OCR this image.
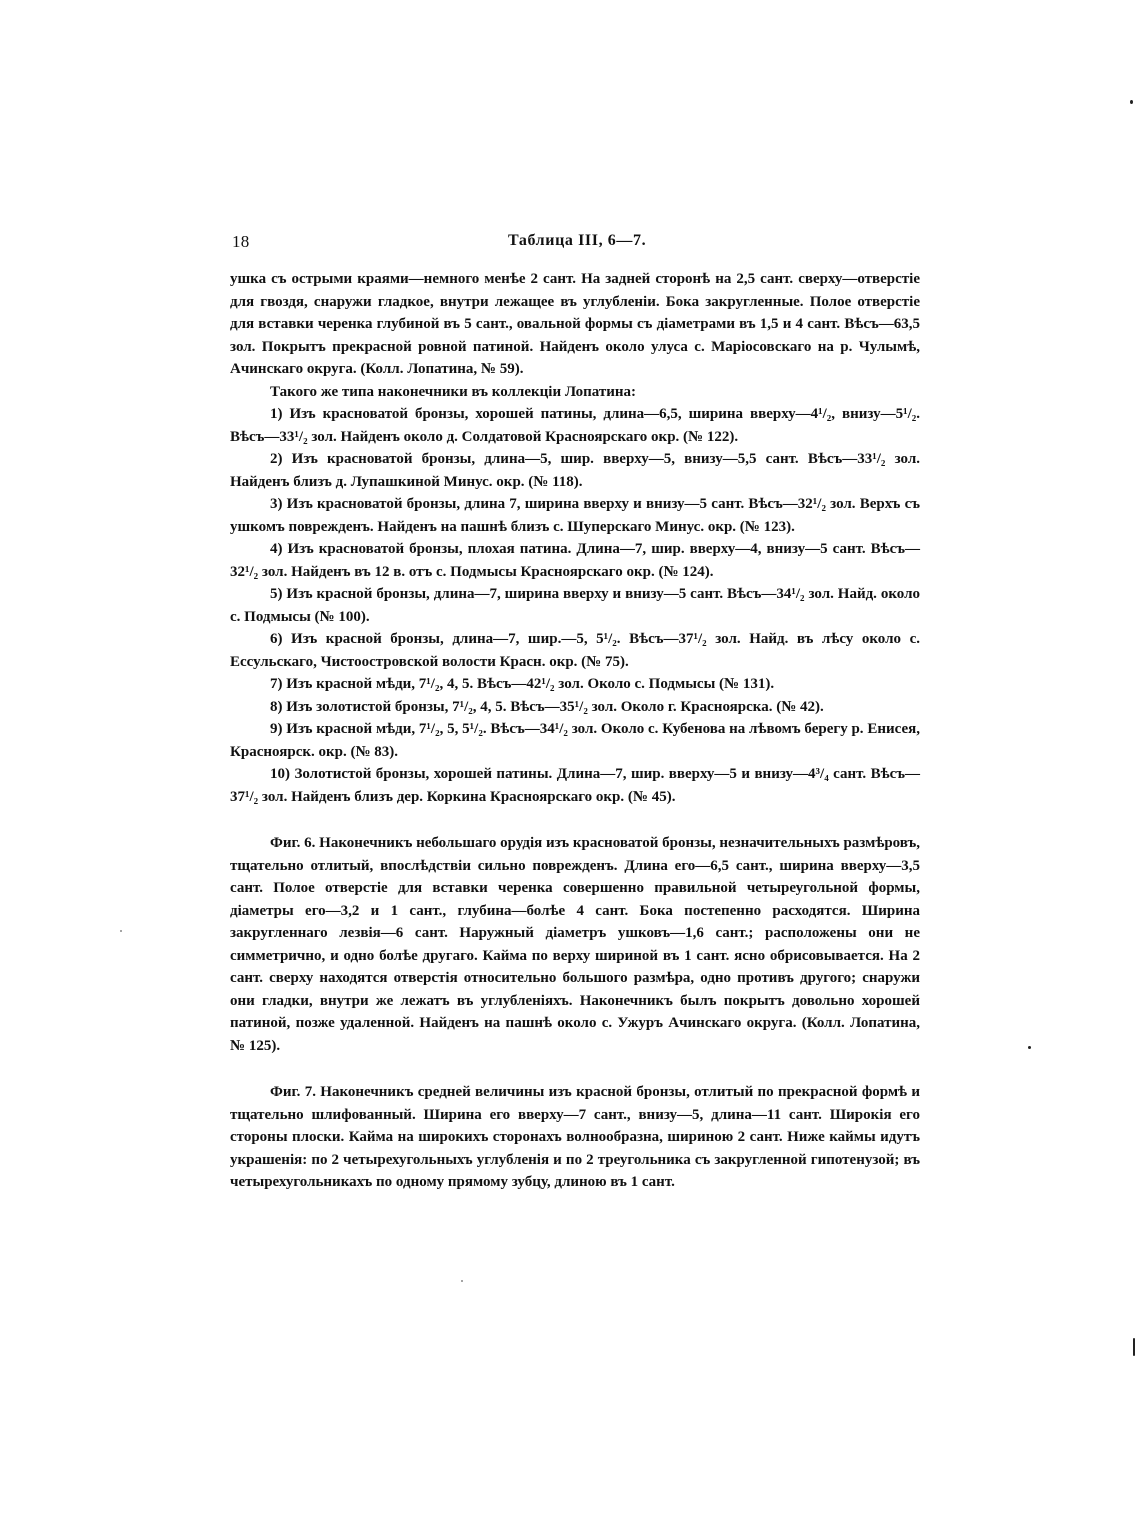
18	Таблица III, 6—7.

ушка съ острыми краями—немного менѣе 2 сант. На задней сторонѣ на 2,5 сант. сверху—отверстіе для гвоздя, снаружи гладкое, внутри лежащее въ углубленіи. Бока закругленные. Полое отверстіе для вставки черенка глубиной въ 5 сант., овальной формы съ діаметрами въ 1,5 и 4 сант. Вѣсъ—63,5 зол. Покрытъ прекрасной ровной патиной. Найденъ около улуса с. Маріосовскаго на р. Чулымѣ, Ачинскаго округа. (Колл. Лопатина, № 59).

Такого же типа наконечники въ коллекціи Лопатина:

1) Изъ красноватой бронзы, хорошей патины, длина—6,5, ширина вверху—4¹/₂, внизу—5¹/₂. Вѣсъ—33¹/₂ зол. Найденъ около д. Солдатовой Красноярскаго окр. (№ 122).

2) Изъ красноватой бронзы, длина—5, шир. вверху—5, внизу—5,5 сант. Вѣсъ—33¹/₂ зол. Найденъ близъ д. Лупашкиной Минус. окр. (№ 118).

3) Изъ красноватой бронзы, длина 7, ширина вверху и внизу—5 сант. Вѣсъ—32¹/₂ зол. Верхъ съ ушкомъ поврежденъ. Найденъ на пашнѣ близъ с. Шуперскаго Минус. окр. (№ 123).

4) Изъ красноватой бронзы, плохая патина. Длина—7, шир. вверху—4, внизу—5 сант. Вѣсъ—32¹/₂ зол. Найденъ въ 12 в. отъ с. Подмысы Красноярскаго окр. (№ 124).

5) Изъ красной бронзы, длина—7, ширина вверху и внизу—5 сант. Вѣсъ—34¹/₂ зол. Найд. около с. Подмысы (№ 100).

6) Изъ красной бронзы, длина—7, шир.—5, 5¹/₂. Вѣсъ—37¹/₂ зол. Найд. въ лѣсу около с. Ессульскаго, Чистоостровской волости Красн. окр. (№ 75).

7) Изъ красной мѣди, 7¹/₂, 4, 5. Вѣсъ—42¹/₂ зол. Около с. Подмысы (№ 131).

8) Изъ золотистой бронзы, 7¹/₂, 4, 5. Вѣсъ—35¹/₂ зол. Около г. Красноярска. (№ 42).

9) Изъ красной мѣди, 7¹/₂, 5, 5¹/₂. Вѣсъ—34¹/₂ зол. Около с. Кубенова на лѣвомъ берегу р. Енисея, Красноярск. окр. (№ 83).

10) Золотистой бронзы, хорошей патины. Длина—7, шир. вверху—5 и внизу—4³/₄ сант. Вѣсъ—37¹/₂ зол. Найденъ близъ дер. Коркина Красноярскаго окр. (№ 45).

Фиг. 6. Наконечникъ небольшаго орудія изъ красноватой бронзы, незначительныхъ размѣровъ, тщательно отлитый, впослѣдствіи сильно поврежденъ. Длина его—6,5 сант., ширина вверху—3,5 сант. Полое отверстіе для вставки черенка совершенно правильной четыреугольной формы, діаметры его—3,2 и 1 сант., глубина—болѣе 4 сант. Бока постепенно расходятся. Ширина закругленнаго лезвія—6 сант. Наружный діаметръ ушковъ—1,6 сант.; расположены они не симметрично, и одно болѣе другаго. Кайма по верху шириной въ 1 сант. ясно обрисовывается. На 2 сант. сверху находятся отверстія относительно большого размѣра, одно противъ другого; снаружи они гладки, внутри же лежатъ въ углубленіяхъ. Наконечникъ былъ покрытъ довольно хорошей патиной, позже удаленной. Найденъ на пашнѣ около с. Ужуръ Ачинскаго округа. (Колл. Лопатина, № 125).

Фиг. 7. Наконечникъ средней величины изъ красной бронзы, отлитый по прекрасной формѣ и тщательно шлифованный. Ширина его вверху—7 сант., внизу—5, длина—11 сант. Широкія его стороны плоски. Кайма на широкихъ сторонахъ волнообразна, шириною 2 сант. Ниже каймы идутъ украшенія: по 2 четырехугольныхъ углубленія и по 2 треугольника съ закругленной гипотенузой; въ четырехугольникахъ по одному прямому зубцу, длиною въ 1 сант.
